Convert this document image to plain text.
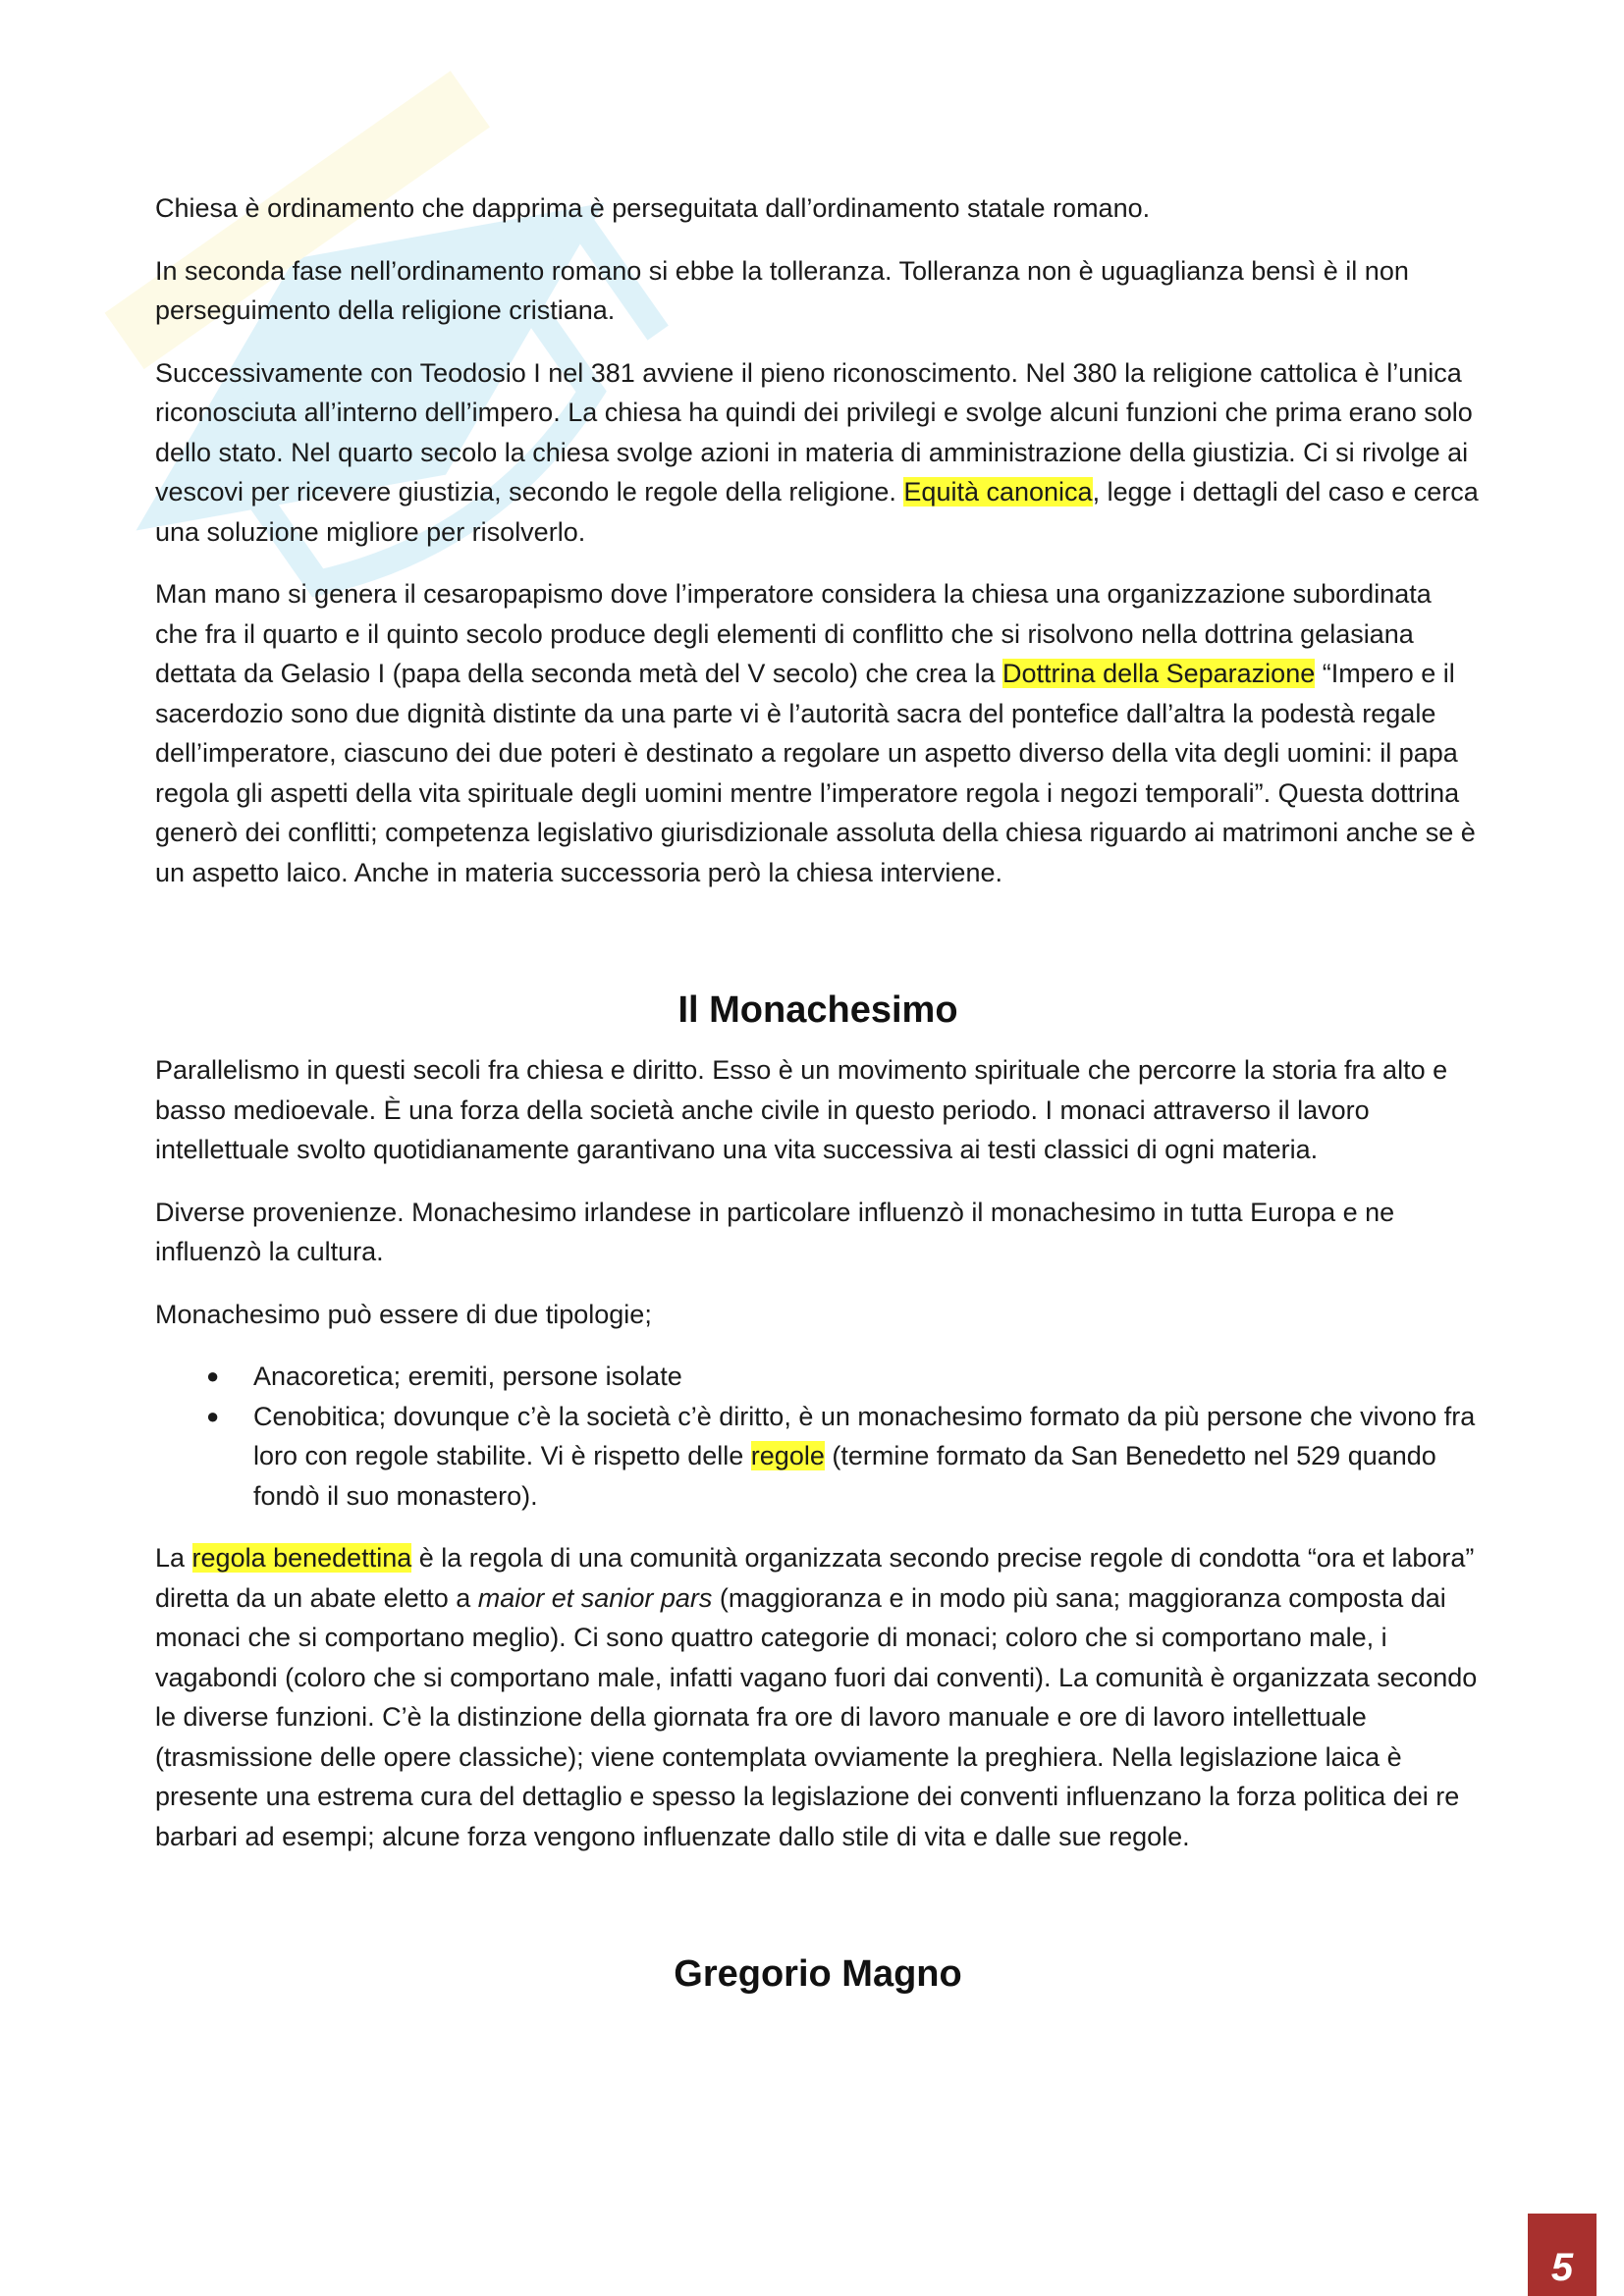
Chiesa è ordinamento che dapprima è perseguitata dall’ordinamento statale romano.

In seconda fase nell’ordinamento romano si ebbe la tolleranza. Tolleranza non è uguaglianza bensì è il non perseguimento della religione cristiana.

Successivamente con Teodosio I nel 381 avviene il pieno riconoscimento. Nel 380 la religione cattolica è l’unica riconosciuta all’interno dell’impero. La chiesa ha quindi dei privilegi e svolge alcuni funzioni che prima erano solo dello stato. Nel quarto secolo la chiesa svolge azioni in materia di amministrazione della giustizia. Ci si rivolge ai vescovi per ricevere giustizia, secondo le regole della religione. Equità canonica, legge i dettagli del caso e cerca una soluzione migliore per risolverlo.

Man mano si genera il cesaropapismo dove l’imperatore considera la chiesa una organizzazione subordinata che fra il quarto e il quinto secolo produce degli elementi di conflitto che si risolvono nella dottrina gelasiana dettata da Gelasio I (papa della seconda metà del V secolo) che crea la Dottrina della Separazione “Impero e il sacerdozio sono due dignità distinte da una parte vi è l’autorità sacra del pontefice dall’altra la podestà regale dell’imperatore, ciascuno dei due poteri è destinato a regolare un aspetto diverso della vita degli uomini: il papa regola gli aspetti della vita spirituale degli uomini mentre l’imperatore regola i negozi temporali”. Questa dottrina generò dei conflitti; competenza legislativo giurisdizionale assoluta della chiesa riguardo ai matrimoni anche se è un aspetto laico. Anche in materia successoria però la chiesa interviene.

Il Monachesimo

Parallelismo in questi secoli fra chiesa e diritto. Esso è un movimento spirituale che percorre la storia fra alto e basso medioevale. È una forza della società anche civile in questo periodo. I monaci attraverso il lavoro intellettuale svolto quotidianamente garantivano una vita successiva ai testi classici di ogni materia.

Diverse provenienze. Monachesimo irlandese in particolare influenzò il monachesimo in tutta Europa e ne influenzò la cultura.

Monachesimo può essere di due tipologie;

● Anacoretica; eremiti, persone isolate
● Cenobitica; dovunque c’è la società c’è diritto, è un monachesimo formato da più persone che vivono fra loro con regole stabilite. Vi è rispetto delle regole (termine formato da San Benedetto nel 529 quando fondò il suo monastero).

La regola benedettina è la regola di una comunità organizzata secondo precise regole di condotta “ora et labora” diretta da un abate eletto a maior et sanior pars (maggioranza e in modo più sana; maggioranza composta dai monaci che si comportano meglio). Ci sono quattro categorie di monaci; coloro che si comportano male, i vagabondi (coloro che si comportano male, infatti vagano fuori dai conventi). La comunità è organizzata secondo le diverse funzioni. C’è la distinzione della giornata fra ore di lavoro manuale e ore di lavoro intellettuale (trasmissione delle opere classiche); viene contemplata ovviamente la preghiera. Nella legislazione laica è presente una estrema cura del dettaglio e spesso la legislazione dei conventi influenzano la forza politica dei re barbari ad esempi; alcune forza vengono influenzate dallo stile di vita e dalle sue regole.

Gregorio Magno
5
